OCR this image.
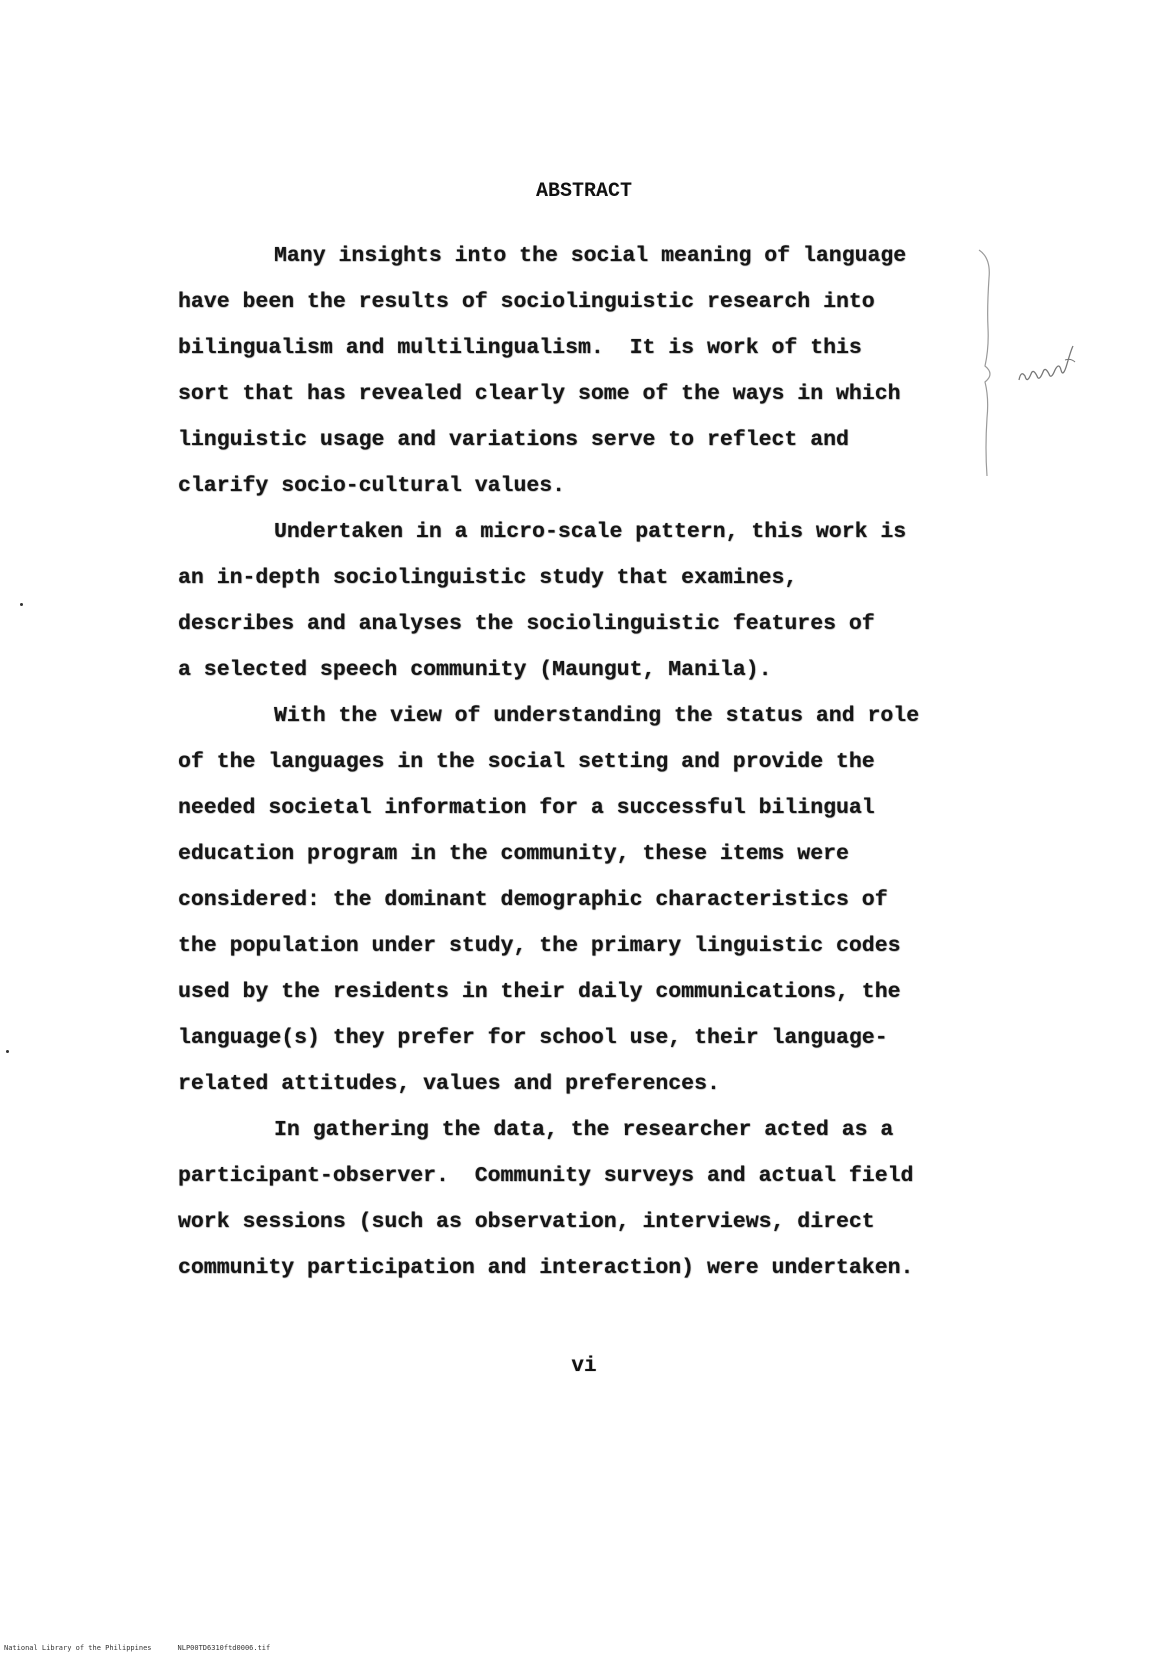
ABSTRACT
Many insights into the social meaning of language
have been the results of sociolinguistic research into
bilingualism and multilingualism.  It is work of this
sort that has revealed clearly some of the ways in which
linguistic usage and variations serve to reflect and
clarify socio-cultural values.
Undertaken in a micro-scale pattern, this work is
an in-depth sociolinguistic study that examines,
describes and analyses the sociolinguistic features of
a selected speech community (Maungut, Manila).
With the view of understanding the status and role
of the languages in the social setting and provide the
needed societal information for a successful bilingual
education program in the community, these items were
considered: the dominant demographic characteristics of
the population under study, the primary linguistic codes
used by the residents in their daily communications, the
language(s) they prefer for school use, their language-
related attitudes, values and preferences.
In gathering the data, the researcher acted as a
participant-observer.  Community surveys and actual field
work sessions (such as observation, interviews, direct
community participation and interaction) were undertaken.
vi
National Library of the Philippines	NLP00TD6310ftd0006.tif
